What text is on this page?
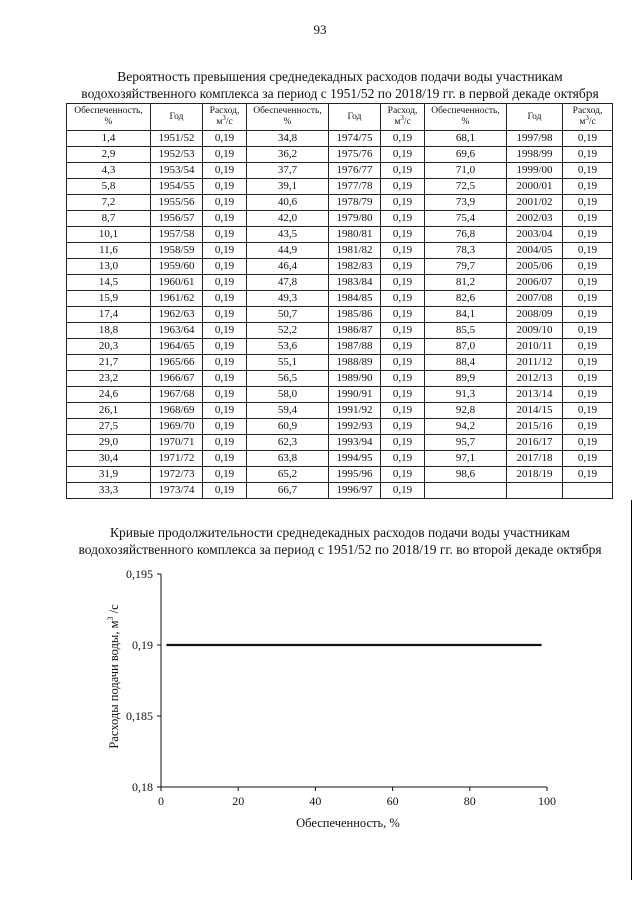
93
Вероятность превышения среднедекадных расходов подачи воды участникам
водохозяйственного комплекса за период с 1951/52 по 2018/19 гг. в первой декаде октября
Обеспеченность,
%	Год	Расход,
$м^3/с$	Обеспеченность,
%	Год	Расход,
$м^3/с$	Обеспеченность,
%	Год	Расход,
$м^3/с$
1,4	1951/52	0,19	34,8	1974/75	0,19	68,1	1997/98	0,19
2,9	1952/53	0,19	36,2	1975/76	0,19	69,6	1998/99	0,19
4,3	1953/54	0,19	37,7	1976/77	0,19	71,0	1999/00	0,19
5,8	1954/55	0,19	39,1	1977/78	0,19	72,5	2000/01	0,19
7,2	1955/56	0,19	40,6	1978/79	0,19	73,9	2001/02	0,19
8,7	1956/57	0,19	42,0	1979/80	0,19	75,4	2002/03	0,19
10,1	1957/58	0,19	43,5	1980/81	0,19	76,8	2003/04	0,19
11,6	1958/59	0,19	44,9	1981/82	0,19	78,3	2004/05	0,19
13,0	1959/60	0,19	46,4	1982/83	0,19	79,7	2005/06	0,19
14,5	1960/61	0,19	47,8	1983/84	0,19	81,2	2006/07	0,19
15,9	1961/62	0,19	49,3	1984/85	0,19	82,6	2007/08	0,19
17,4	1962/63	0,19	50,7	1985/86	0,19	84,1	2008/09	0,19
18,8	1963/64	0,19	52,2	1986/87	0,19	85,5	2009/10	0,19
20,3	1964/65	0,19	53,6	1987/88	0,19	87,0	2010/11	0,19
21,7	1965/66	0,19	55,1	1988/89	0,19	88,4	2011/12	0,19
23,2	1966/67	0,19	56,5	1989/90	0,19	89,9	2012/13	0,19
24,6	1967/68	0,19	58,0	1990/91	0,19	91,3	2013/14	0,19
26,1	1968/69	0,19	59,4	1991/92	0,19	92,8	2014/15	0,19
27,5	1969/70	0,19	60,9	1992/93	0,19	94,2	2015/16	0,19
29,0	1970/71	0,19	62,3	1993/94	0,19	95,7	2016/17	0,19
30,4	1971/72	0,19	63,8	1994/95	0,19	97,1	2017/18	0,19
31,9	1972/73	0,19	65,2	1995/96	0,19	98,6	2018/19	0,19
33,3	1973/74	0,19	66,7	1996/97	0,19			
Кривые продолжительности среднедекадных расходов подачи воды участникам
водохозяйственного комплекса за период с 1951/52 по 2018/19 гг. во второй декаде октября
0	20	40	60	80	100
0,18
0,185
0,19
0,195
Обеспеченность, %
Расходы подачи воды, $м^3$ /с
